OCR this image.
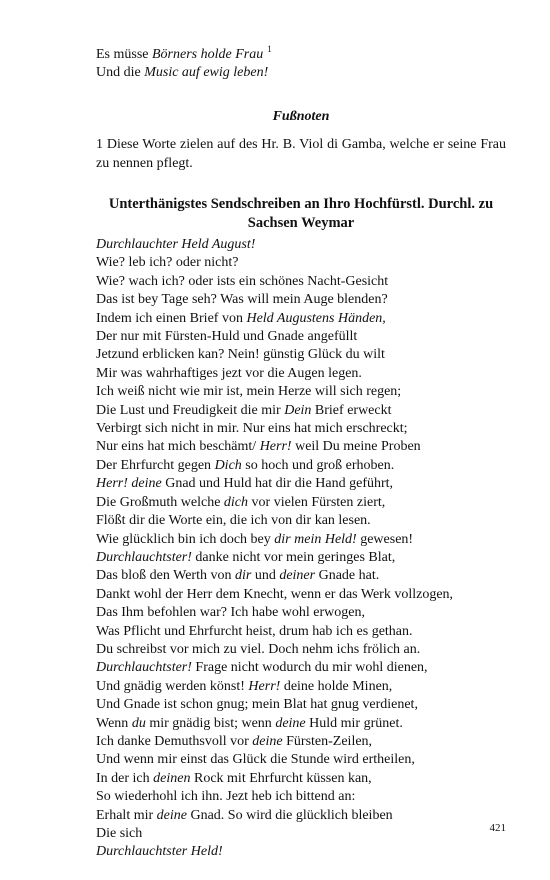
Es müsse Börners holde Frau $^1$
Und die Music auf ewig leben!
Fußnoten
1 Diese Worte zielen auf des Hr. B. Viol di Gamba, welche er seine Frau zu nennen pflegt.
Unterthänigstes Sendschreiben an Ihro Hochfürstl. Durchl. zu Sachsen Weymar
Durchlauchter Held August!
Wie? leb ich? oder nicht?
Wie? wach ich? oder ists ein schönes Nacht-Gesicht
Das ist bey Tage seh? Was will mein Auge blenden?
Indem ich einen Brief von Held Augustens Händen,
Der nur mit Fürsten-Huld und Gnade angefüllt
Jetzund erblicken kan? Nein! günstig Glück du wilt
Mir was wahrhaftiges jezt vor die Augen legen.
Ich weiß nicht wie mir ist, mein Herze will sich regen;
Die Lust und Freudigkeit die mir Dein Brief erweckt
Verbirgt sich nicht in mir. Nur eins hat mich erschreckt;
Nur eins hat mich beschämt/ Herr! weil Du meine Proben
Der Ehrfurcht gegen Dich so hoch und groß erhoben.
Herr! deine Gnad und Huld hat dir die Hand geführt,
Die Großmuth welche dich vor vielen Fürsten ziert,
Flößt dir die Worte ein, die ich von dir kan lesen.
Wie glücklich bin ich doch bey dir mein Held! gewesen!
Durchlauchtster! danke nicht vor mein geringes Blat,
Das bloß den Werth von dir und deiner Gnade hat.
Dankt wohl der Herr dem Knecht, wenn er das Werk vollzogen,
Das Ihm befohlen war? Ich habe wohl erwogen,
Was Pflicht und Ehrfurcht heist, drum hab ich es gethan.
Du schreibst vor mich zu viel. Doch nehm ichs frölich an.
Durchlauchtster! Frage nicht wodurch du mir wohl dienen,
Und gnädig werden könst! Herr! deine holde Minen,
Und Gnade ist schon gnug; mein Blat hat gnug verdienet,
Wenn du mir gnädig bist; wenn deine Huld mir grünet.
Ich danke Demuthsvoll vor deine Fürsten-Zeilen,
Und wenn mir einst das Glück die Stunde wird ertheilen,
In der ich deinen Rock mit Ehrfurcht küssen kan,
So wiederhohl ich ihn. Jezt heb ich bittend an:
Erhalt mir deine Gnad. So wird die glücklich bleiben
Die sich
Durchlauchtster Held!
421
